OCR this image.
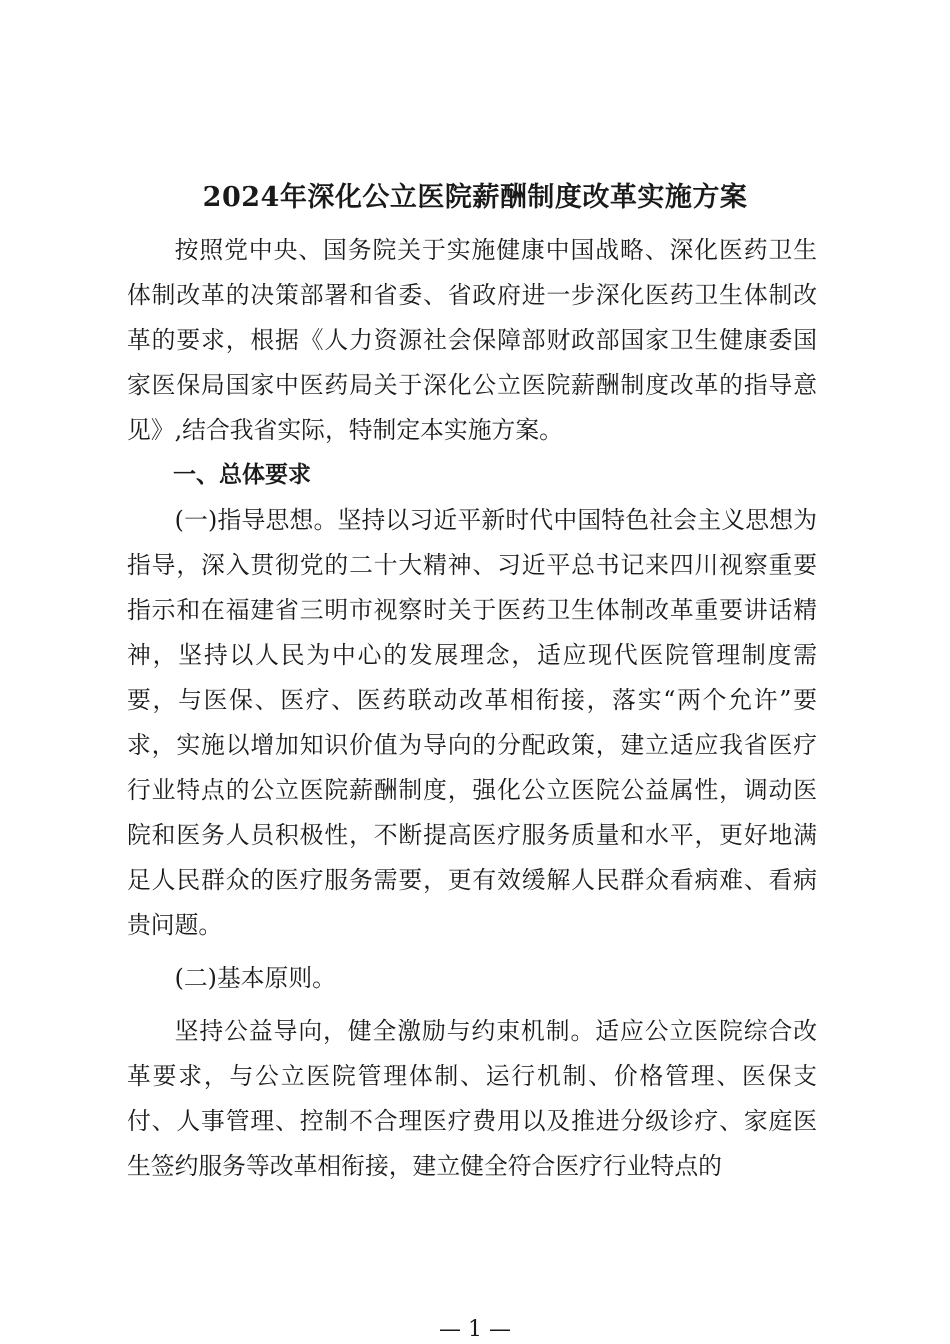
2024年深化公立医院薪酬制度改革实施方案

按照党中央、国务院关于实施健康中国战略、深化医药卫生体制改革的决策部署和省委、省政府进一步深化医药卫生体制改革的要求，根据《人力资源社会保障部财政部国家卫生健康委国家医保局国家中医药局关于深化公立医院薪酬制度改革的指导意见》,结合我省实际，特制定本实施方案。

一、总体要求

(一)指导思想。坚持以习近平新时代中国特色社会主义思想为指导，深入贯彻党的二十大精神、习近平总书记来四川视察重要指示和在福建省三明市视察时关于医药卫生体制改革重要讲话精神，坚持以人民为中心的发展理念，适应现代医院管理制度需要，与医保、医疗、医药联动改革相衔接，落实“两个允许”要求，实施以增加知识价值为导向的分配政策，建立适应我省医疗行业特点的公立医院薪酬制度，强化公立医院公益属性，调动医院和医务人员积极性，不断提高医疗服务质量和水平，更好地满足人民群众的医疗服务需要，更有效缓解人民群众看病难、看病贵问题。

(二)基本原则。

坚持公益导向，健全激励与约束机制。适应公立医院综合改革要求，与公立医院管理体制、运行机制、价格管理、医保支付、人事管理、控制不合理医疗费用以及推进分级诊疗、家庭医生签约服务等改革相衔接，建立健全符合医疗行业特点的

— 1 —
